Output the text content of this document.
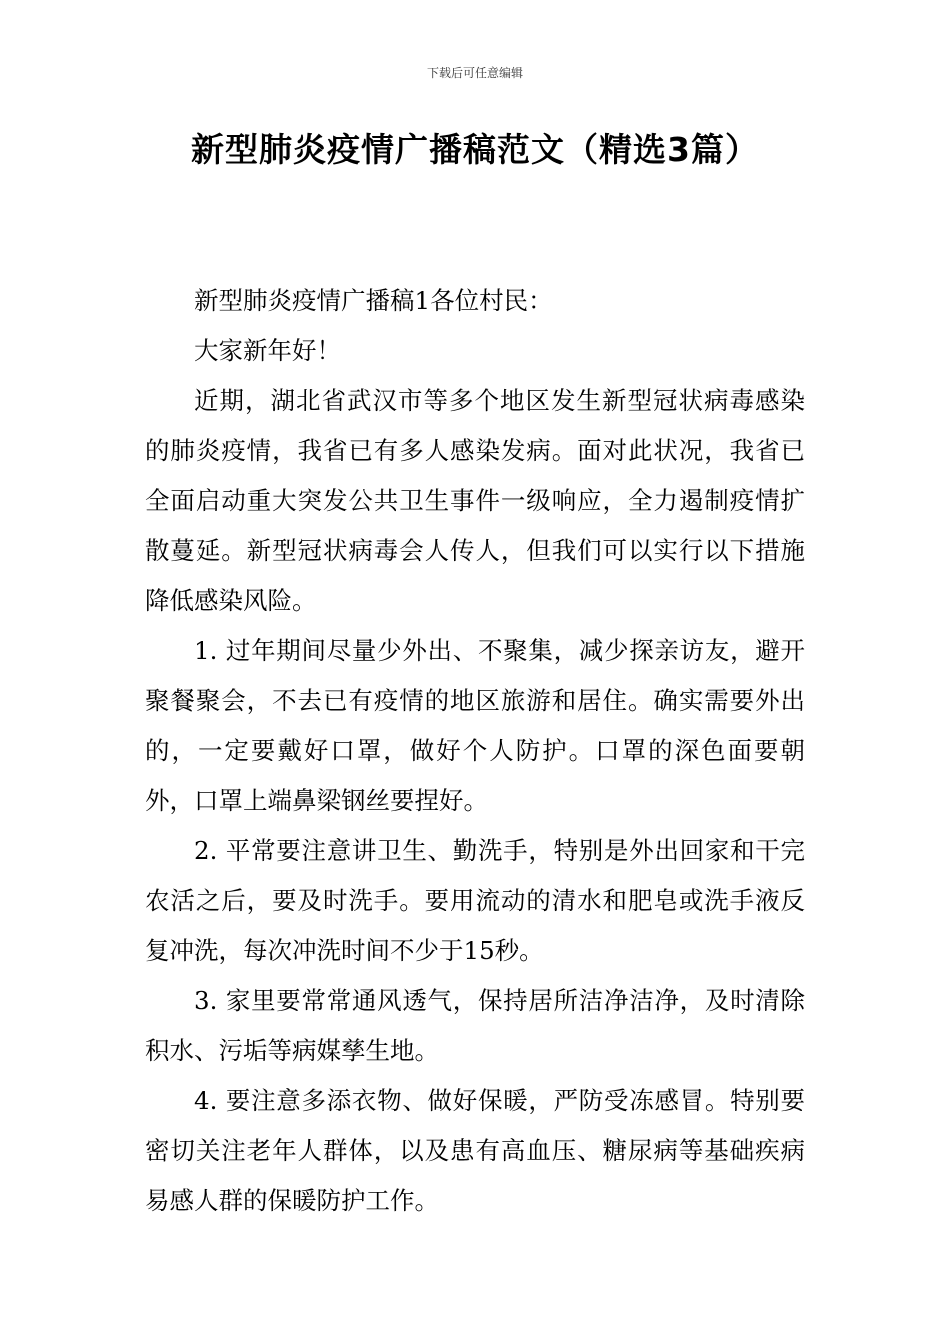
下载后可任意编辑
新型肺炎疫情广播稿范文（精选3篇）

新型肺炎疫情广播稿1各位村民：

大家新年好！

近期，湖北省武汉市等多个地区发生新型冠状病毒感染的肺炎疫情，我省已有多人感染发病。面对此状况，我省已全面启动重大突发公共卫生事件一级响应，全力遏制疫情扩散蔓延。新型冠状病毒会人传人，但我们可以实行以下措施降低感染风险。

1. 过年期间尽量少外出、不聚集，减少探亲访友，避开聚餐聚会，不去已有疫情的地区旅游和居住。确实需要外出的，一定要戴好口罩，做好个人防护。口罩的深色面要朝外，口罩上端鼻梁钢丝要捏好。

2. 平常要注意讲卫生、勤洗手，特别是外出回家和干完农活之后，要及时洗手。要用流动的清水和肥皂或洗手液反复冲洗，每次冲洗时间不少于15秒。

3. 家里要常常通风透气，保持居所洁净洁净，及时清除积水、污垢等病媒孳生地。

4. 要注意多添衣物、做好保暖，严防受冻感冒。特别要密切关注老年人群体，以及患有高血压、糖尿病等基础疾病易感人群的保暖防护工作。
